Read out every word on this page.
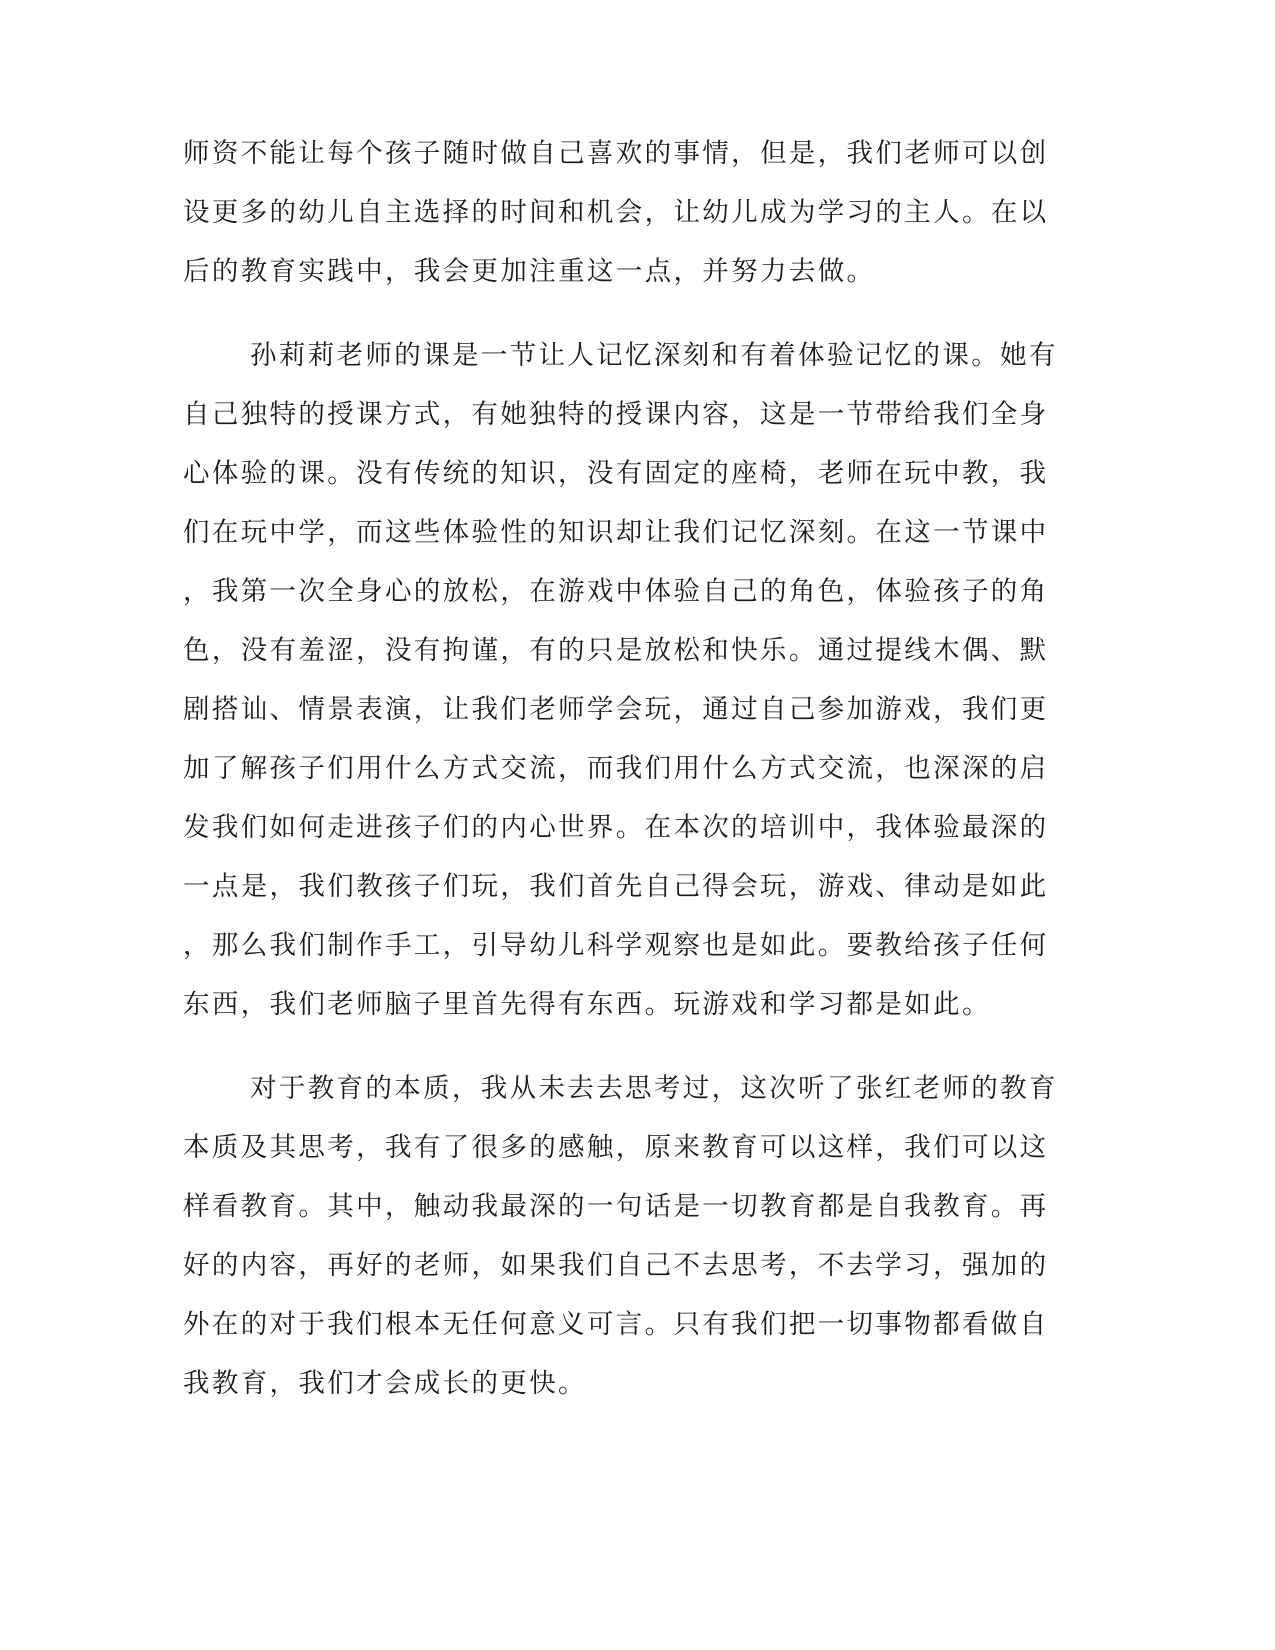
师资不能让每个孩子随时做自己喜欢的事情，但是，我们老师可以创
设更多的幼儿自主选择的时间和机会，让幼儿成为学习的主人。在以
后的教育实践中，我会更加注重这一点，并努力去做。
孙莉莉老师的课是一节让人记忆深刻和有着体验记忆的课。她有
自己独特的授课方式，有她独特的授课内容，这是一节带给我们全身
心体验的课。没有传统的知识，没有固定的座椅，老师在玩中教，我
们在玩中学，而这些体验性的知识却让我们记忆深刻。在这一节课中
，我第一次全身心的放松，在游戏中体验自己的角色，体验孩子的角
色，没有羞涩，没有拘谨，有的只是放松和快乐。通过提线木偶、默
剧搭讪、情景表演，让我们老师学会玩，通过自己参加游戏，我们更
加了解孩子们用什么方式交流，而我们用什么方式交流，也深深的启
发我们如何走进孩子们的内心世界。在本次的培训中，我体验最深的
一点是，我们教孩子们玩，我们首先自己得会玩，游戏、律动是如此
，那么我们制作手工，引导幼儿科学观察也是如此。要教给孩子任何
东西，我们老师脑子里首先得有东西。玩游戏和学习都是如此。
对于教育的本质，我从未去去思考过，这次听了张红老师的教育
本质及其思考，我有了很多的感触，原来教育可以这样，我们可以这
样看教育。其中，触动我最深的一句话是一切教育都是自我教育。再
好的内容，再好的老师，如果我们自己不去思考，不去学习，强加的
外在的对于我们根本无任何意义可言。只有我们把一切事物都看做自
我教育，我们才会成长的更快。
